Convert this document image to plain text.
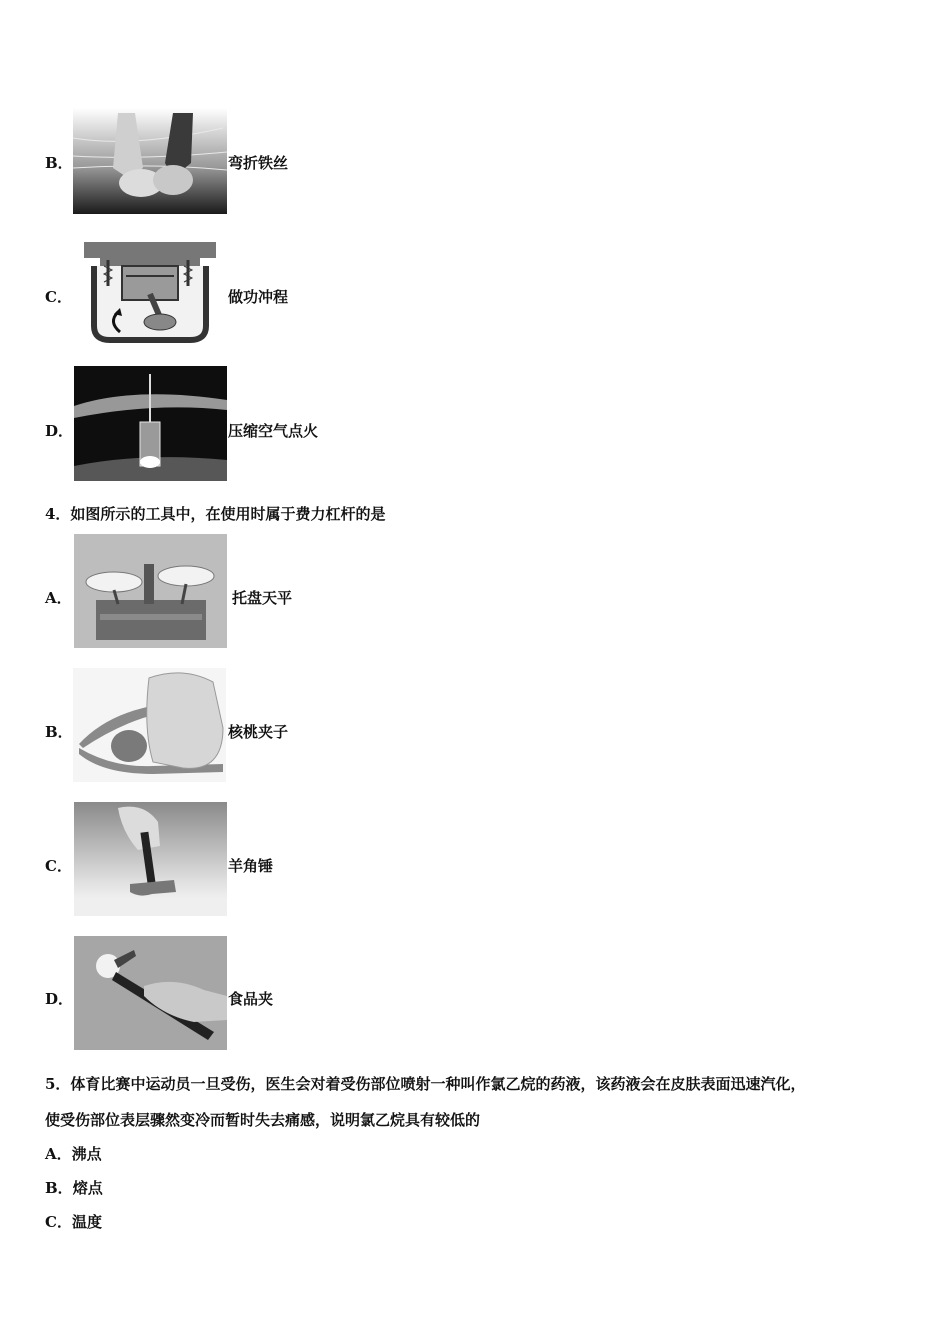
B．	弯折铁丝
C．	做功冲程
D．	压缩空气点火
4．如图所示的工具中，在使用时属于费力杠杆的是
A．	托盘天平
B．	核桃夹子
C．	羊角锤
D．	食品夹
5．体育比赛中运动员一旦受伤，医生会对着受伤部位喷射一种叫作氯乙烷的药液，该药液会在皮肤表面迅速汽化，
使受伤部位表层骤然变冷而暂时失去痛感，说明氯乙烷具有较低的
A．沸点
B．熔点
C．温度
